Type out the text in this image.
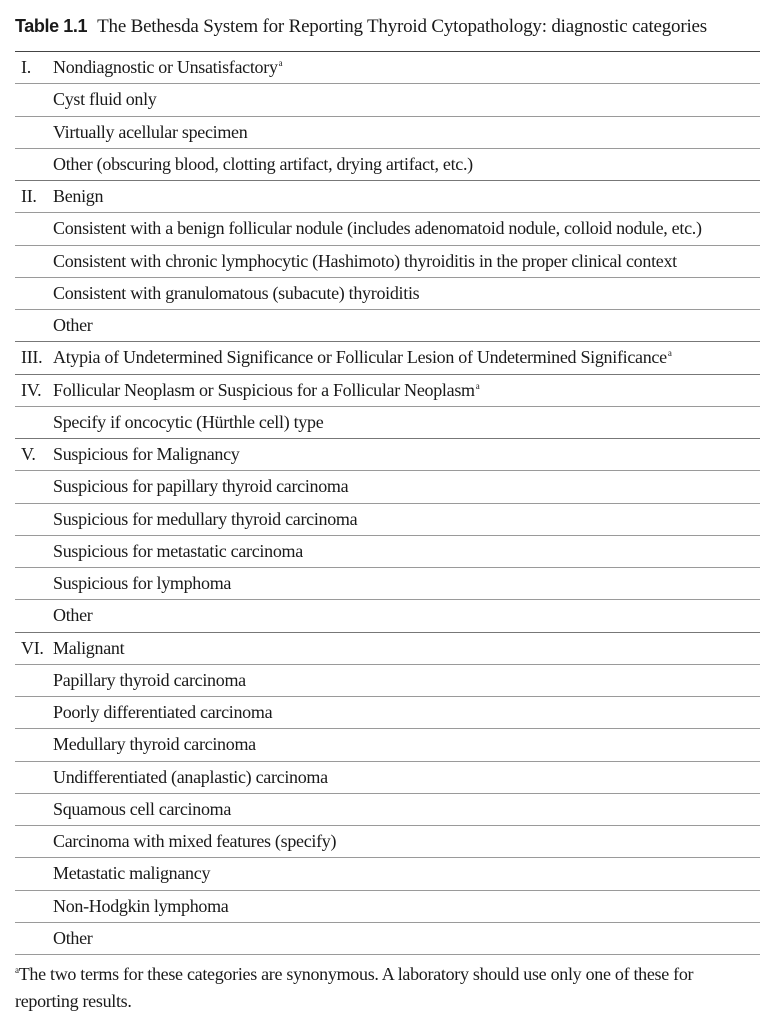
Table 1.1 The Bethesda System for Reporting Thyroid Cytopathology: diagnostic categories
I.	Nondiagnostic or Unsatisfactory$^a$
Cyst fluid only
Virtually acellular specimen
Other (obscuring blood, clotting artifact, drying artifact, etc.)
II. Benign
Consistent with a benign follicular nodule (includes adenomatoid nodule, colloid nodule, etc.)
Consistent with chronic lymphocytic (Hashimoto) thyroiditis in the proper clinical context
Consistent with granulomatous (subacute) thyroiditis
Other
III. Atypia of Undetermined Significance or Follicular Lesion of Undetermined Significance$^a$
IV. Follicular Neoplasm or Suspicious for a Follicular Neoplasm$^a$
Specify if oncocytic (Hürthle cell) type
V. Suspicious for Malignancy
Suspicious for papillary thyroid carcinoma
Suspicious for medullary thyroid carcinoma
Suspicious for metastatic carcinoma
Suspicious for lymphoma
Other
VI. Malignant
Papillary thyroid carcinoma
Poorly differentiated carcinoma
Medullary thyroid carcinoma
Undifferentiated (anaplastic) carcinoma
Squamous cell carcinoma
Carcinoma with mixed features (specify)
Metastatic malignancy
Non-Hodgkin lymphoma
Other
$^a$The two terms for these categories are synonymous. A laboratory should use only one of these for reporting results.
